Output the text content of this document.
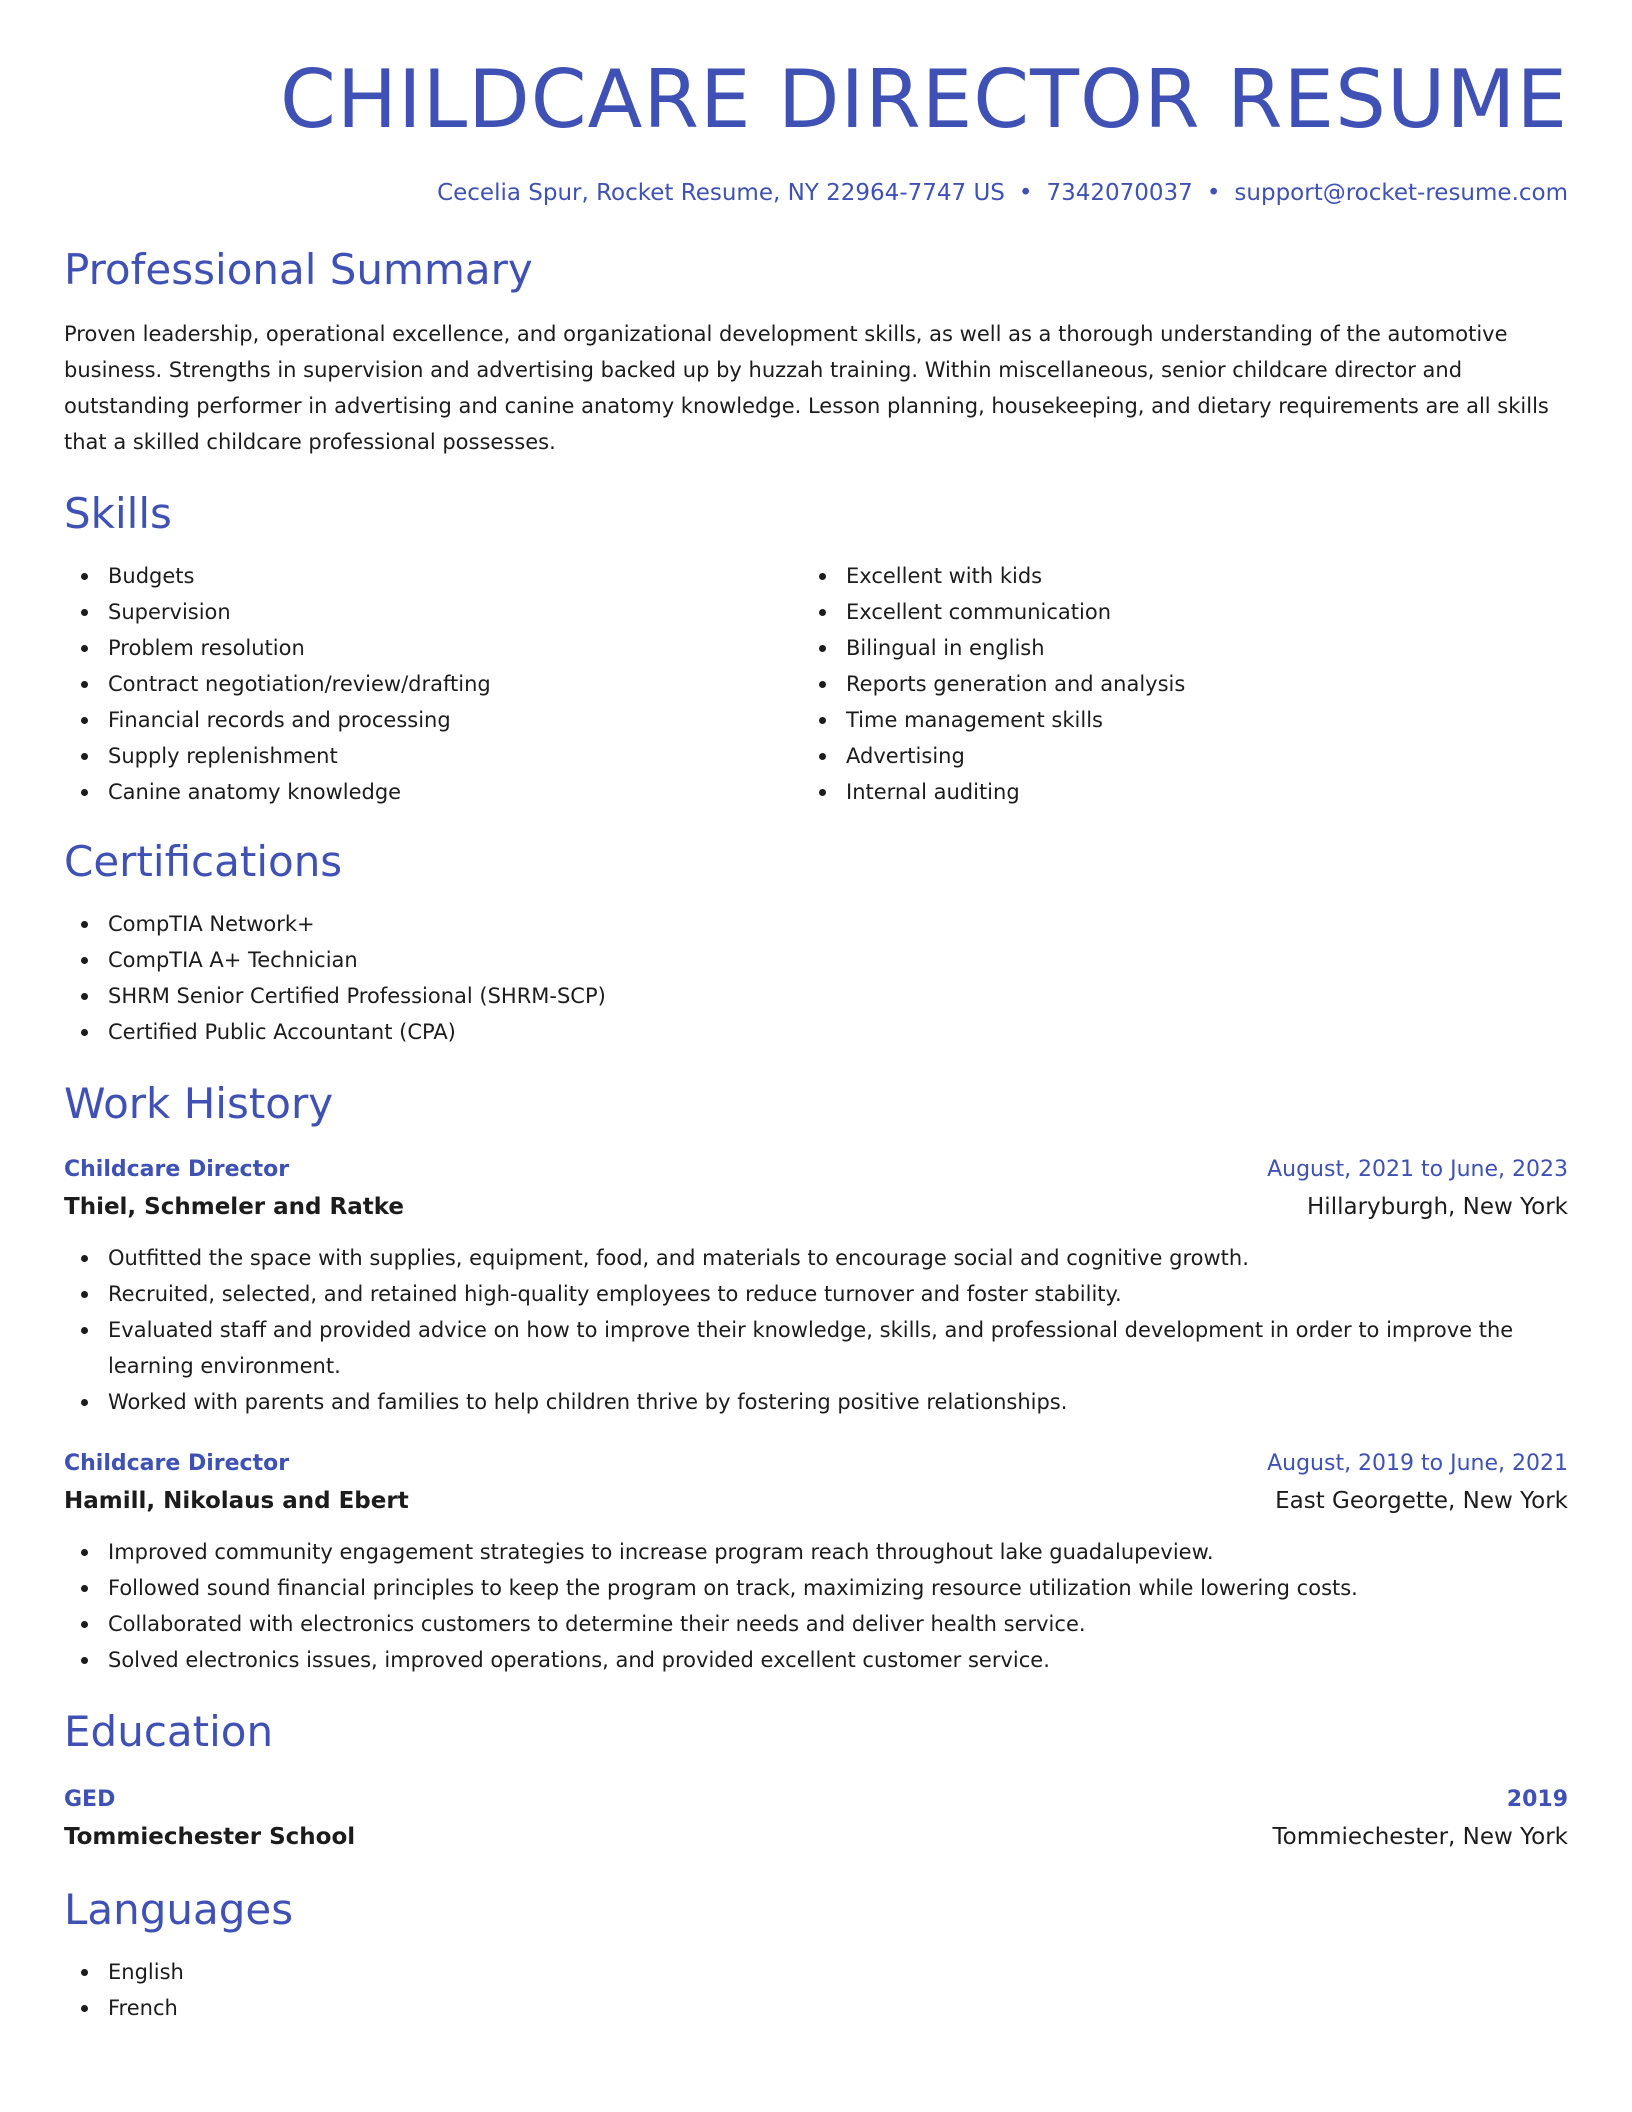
CHILDCARE DIRECTOR RESUME
Cecelia Spur, Rocket Resume, NY 22964-7747 US • 7342070037 • support@rocket-resume.com
Professional Summary

Proven leadership, operational excellence, and organizational development skills, as well as a thorough understanding of the automotive business. Strengths in supervision and advertising backed up by huzzah training. Within miscellaneous, senior childcare director and outstanding performer in advertising and canine anatomy knowledge. Lesson planning, housekeeping, and dietary requirements are all skills that a skilled childcare professional possesses.

Skills
Budgets
Supervision
Problem resolution
Contract negotiation/review/drafting
Financial records and processing
Supply replenishment
Canine anatomy knowledge
Excellent with kids
Excellent communication
Bilingual in english
Reports generation and analysis
Time management skills
Advertising
Internal auditing
Certifications
CompTIA Network+
CompTIA A+ Technician
SHRM Senior Certified Professional (SHRM-SCP)
Certified Public Accountant (CPA)
Work History
Childcare Director	August, 2021 to June, 2023
Thiel, Schmeler and Ratke	Hillaryburgh, New York
Outfitted the space with supplies, equipment, food, and materials to encourage social and cognitive growth.
Recruited, selected, and retained high-quality employees to reduce turnover and foster stability.
Evaluated staff and provided advice on how to improve their knowledge, skills, and professional development in order to improve the learning environment.
Worked with parents and families to help children thrive by fostering positive relationships.
Childcare Director	August, 2019 to June, 2021
Hamill, Nikolaus and Ebert	East Georgette, New York
Improved community engagement strategies to increase program reach throughout lake guadalupeview.
Followed sound financial principles to keep the program on track, maximizing resource utilization while lowering costs.
Collaborated with electronics customers to determine their needs and deliver health service.
Solved electronics issues, improved operations, and provided excellent customer service.
Education
GED	2019
Tommiechester School	Tommiechester, New York
Languages
English
French
